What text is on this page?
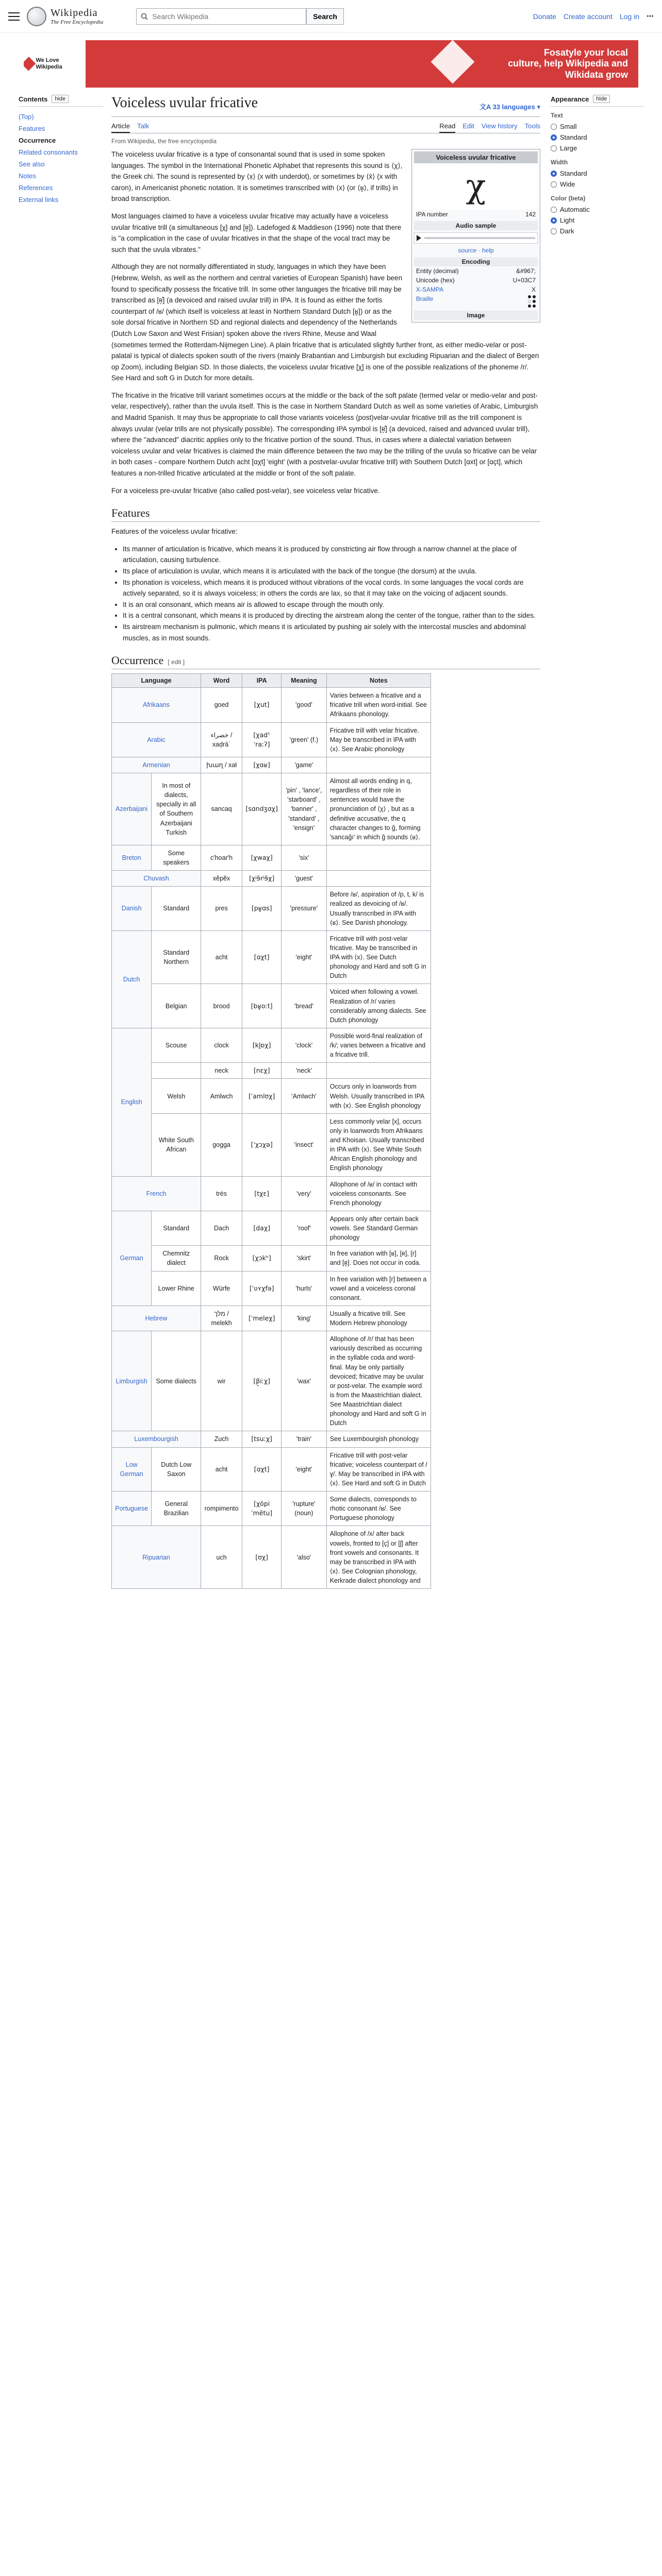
Wikipedia
The Free Encyclopedia
Search Wikipedia
Search	Donate Create account Log in ⋯
We Love Wikipedia
Fosatyle your local
culture, help Wikipedia and
Wikidata grow
Contents	hide
(Top)
Features
Occurrence
Related consonants
See also
Notes
References
External links
Voiceless uvular fricative	文A 33 languages ▾
Article Talk	Read Edit View history Tools
From Wikipedia, the free encyclopedia
Voiceless uvular fricative
χ
IPA number	142
Audio sample
source · help
Encoding
Entity (decimal)	&#967;
Unicode (hex)	U+03C7
X-SAMPA	X
Braille
Image

The voiceless uvular fricative is a type of consonantal sound that is used in some spoken languages. The symbol in the International Phonetic Alphabet that represents this sound is ⟨χ⟩, the Greek chi. The sound is represented by ⟨x̣⟩ (x with underdot), or sometimes by ⟨x̄⟩ (x with caron), in Americanist phonetic notation. It is sometimes transcribed with ⟨x⟩ (or ⟨ʁ̥⟩, if trills) in broad transcription.

Most languages claimed to have a voiceless uvular fricative may actually have a voiceless uvular fricative trill (a simultaneous [χ] and [ʀ̥]). Ladefoged & Maddieson (1996) note that there is "a complication in the case of uvular fricatives in that the shape of the vocal tract may be such that the uvula vibrates."

Although they are not normally differentiated in study, languages in which they have been (Hebrew, Welsh, as well as the northern and central varieties of European Spanish) have been found to specifically possess the fricative trill. In some other languages the fricative trill may be transcribed as [ʀ̝̊] (a devoiced and raised uvular trill) in IPA. It is found as either the fortis counterpart of /ʁ/ (which itself is voiceless at least in Northern Standard Dutch [ʁ̥]) or as the sole dorsal fricative in Northern SD and regional dialects and dependency of the Netherlands (Dutch Low Saxon and West Frisian) spoken above the rivers Rhine, Meuse and Waal (sometimes termed the Rotterdam-Nijmegen Line). A plain fricative that is articulated slightly further front, as either medio-velar or post-palatal is typical of dialects spoken south of the rivers (mainly Brabantian and Limburgish but excluding Ripuarian and the dialect of Bergen op Zoom), including Belgian SD. In those dialects, the voiceless uvular fricative [χ] is one of the possible realizations of the phoneme /r/. See Hard and soft G in Dutch for more details.

The fricative in the fricative trill variant sometimes occurs at the middle or the back of the soft palate (termed velar or medio-velar and post-velar, respectively), rather than the uvula itself. This is the case in Northern Standard Dutch as well as some varieties of Arabic, Limburgish and Madrid Spanish. It may thus be appropriate to call those variants voiceless (post)velar-uvular fricative trill as the trill component is always uvular (velar trills are not physically possible). The corresponding IPA symbol is [ʀ̝̊] (a devoiced, raised and advanced uvular trill), where the "advanced" diacritic applies only to the fricative portion of the sound. Thus, in cases where a dialectal variation between voiceless uvular and velar fricatives is claimed the main difference between the two may be the trilling of the uvula so fricative can be velar in both cases - compare Northern Dutch acht [ɑχt] 'eight' (with a postvelar-uvular fricative trill) with Southern Dutch [ɑxt] or [ɑçt], which features a non-trilled fricative articulated at the middle or front of the soft palate.

For a voiceless pre-uvular fricative (also called post-velar), see voiceless velar fricative.

Features

Features of the voiceless uvular fricative:

• Its manner of articulation is fricative, which means it is produced by constricting air flow through a narrow channel at the place of articulation, causing turbulence.
• Its place of articulation is uvular, which means it is articulated with the back of the tongue (the dorsum) at the uvula.
• Its phonation is voiceless, which means it is produced without vibrations of the vocal cords. In some languages the vocal cords are actively separated, so it is always voiceless; in others the cords are lax, so that it may take on the voicing of adjacent sounds.
• It is an oral consonant, which means air is allowed to escape through the mouth only.
• It is a central consonant, which means it is produced by directing the airstream along the center of the tongue, rather than to the sides.
• Its airstream mechanism is pulmonic, which means it is articulated by pushing air solely with the intercostal muscles and abdominal muscles, as in most sounds.
Occurrence [ edit ]
Language		Word	IPA	Meaning	Notes
Afrikaans		goed	[χut]	'good'	Varies between a fricative and a fricative trill when word-initial. See Afrikaans phonology.
Arabic		خضراء / xaḍrāʾ	[χadˤˈraːʔ]	'green' (f.)	Fricative trill with velar fricative. May be transcribed in IPA with ⟨x⟩. See Arabic phonology
Armenian		խաղ / xał	[χɑʁ]	'game'	
Azerbaijani	In most of dialects, specially in all of Southern Azerbaijani Turkish	sancaq	[sɑndʒɑχ]	'pin' , 'lance', 'starboard' , 'banner' , 'standard' , 'ensign'	Almost all words ending in q, regardless of their role in sentences would have the pronunciation of ⟨χ⟩ , but as a definitive accusative, the q character changes to ğ, forming 'sancağı' in which ğ sounds ⟨ʁ⟩.
Breton	Some speakers	c'hoar'h	[χwaχ]	'six'	
Chuvash		хӗрӗх	[χʲɘ̆rʲɘ̆χ]	'guest'	
Danish	Standard	pres	[pʁ̥ɑs]	'pressure'	Before /ʁ/, aspiration of /p, t, k/ is realized as devoicing of /ʁ/. Usually transcribed in IPA with ⟨ʁ⟩. See Danish phonology.
Dutch	Standard Northern	acht	[ɑχt]	'eight'	Fricative trill with post-velar fricative. May be transcribed in IPA with ⟨x⟩. See Dutch phonology and Hard and soft G in Dutch
	Belgian	brood	[bʁ̥oːt]	'bread'	Voiced when following a vowel. Realization of /r/ varies considerably among dialects. See Dutch phonology
English	Scouse	clock	[kl̥ɒχ]	'clock'	Possible word-final realization of /k/; varies between a fricative and a fricative trill.
		neck	[nɛχ]	'neck'	
	Welsh	Amlwch	[ˈamlʊχ]	'Amlwch'	Occurs only in loanwords from Welsh. Usually transcribed in IPA with ⟨x⟩. See English phonology
	White South African	gogga	[ˈχɔχə]	'insect'	Less commonly velar [x], occurs only in loanwords from Afrikaans and Khoisan. Usually transcribed in IPA with ⟨x⟩. See White South African English phonology and English phonology
French		très	[tχɛ]	'very'	Allophone of /ʁ/ in contact with voiceless consonants. See French phonology
German	Standard	Dach	[daχ]	'roof'	Appears only after certain back vowels. See Standard German phonology
	Chemnitz dialect	Rock	[χɔkʰ]	'skirt'	In free variation with [ʁ], [ʀ], [r] and [ʀ̥]. Does not occur in coda.
	Lower Rhine	Würfe	[ˈʋʏχfə]	'hurls'	In free variation with [r] between a vowel and a voiceless coronal consonant.
Hebrew		מלך / melekh	[ˈmeleχ]	'king'	Usually a fricative trill. See Modern Hebrew phonology
Limburgish	Some dialects	wir	[β̞iːχ]	'wax'	Allophone of /r/ that has been variously described as occurring in the syllable coda and word-final. May be only partially devoiced; fricative may be uvular or post-velar. The example word is from the Maastrichtian dialect. See Maastrichtian dialect phonology and Hard and soft G in Dutch
Luxembourgish		Zuch	[tsuːχ]	'train'	See Luxembourgish phonology
Low German	Dutch Low Saxon	acht	[ɑχt]	'eight'	Fricative trill with post-velar fricative; voiceless counterpart of /ɣ/. May be transcribed in IPA with ⟨x⟩. See Hard and soft G in Dutch
Portuguese	General Brazilian	rompimento	[χõpiˈmẽtu]	'rupture' (noun)	Some dialects, corresponds to rhotic consonant /ʁ/. See Portuguese phonology
Ripuarian		uch	[ʊχ]	'also'	Allophone of /x/ after back vowels, fronted to [ç] or [ʃ] after front vowels and consonants. It may be transcribed in IPA with ⟨x⟩. See Colognian phonology, Kerkrade dialect phonology and
Appearance	hide
Text
Small
Standard
Large
Width
Standard
Wide
Color (beta)
Automatic
Light
Dark
